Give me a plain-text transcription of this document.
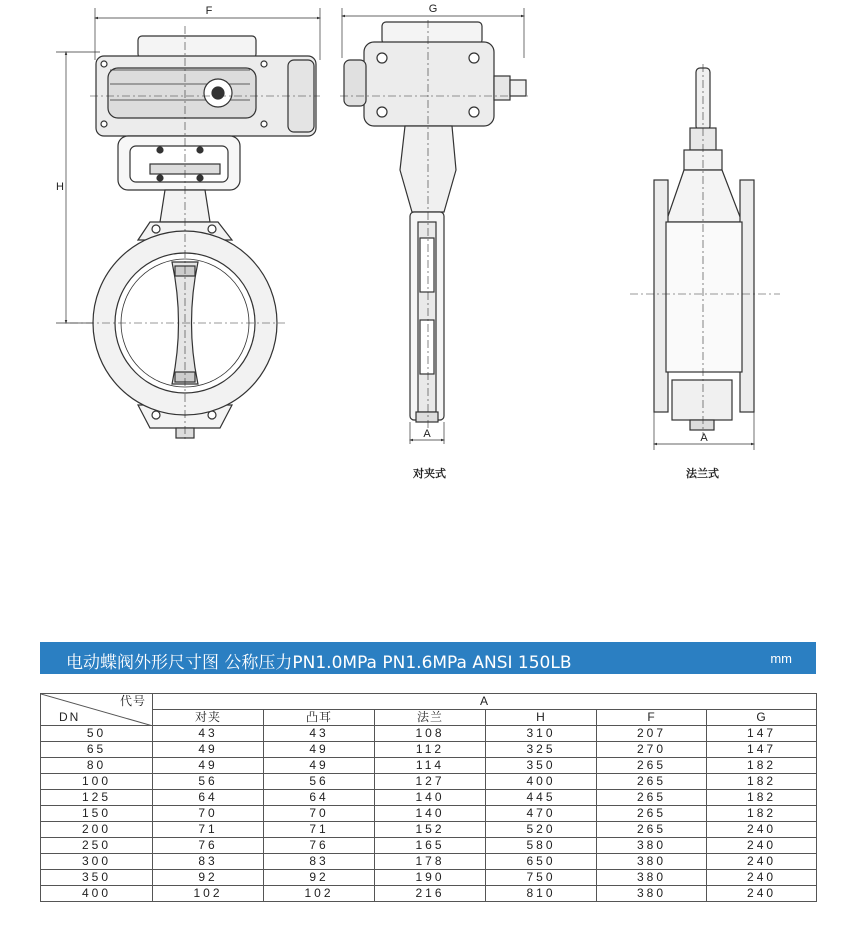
F	G
H
A	A
对夹式	法兰式
电动蝶阀外形尺寸图 公称压力PN1.0MPa PN1.6MPa ANSI 150LB	mm
代号
DN	A					
	对夹	凸耳	法兰	H	F	G
50	43	43	108	310	207	147
65	49	49	112	325	270	147
80	49	49	114	350	265	182
100	56	56	127	400	265	182
125	64	64	140	445	265	182
150	70	70	140	470	265	182
200	71	71	152	520	265	240
250	76	76	165	580	380	240
300	83	83	178	650	380	240
350	92	92	190	750	380	240
400	102	102	216	810	380	240
